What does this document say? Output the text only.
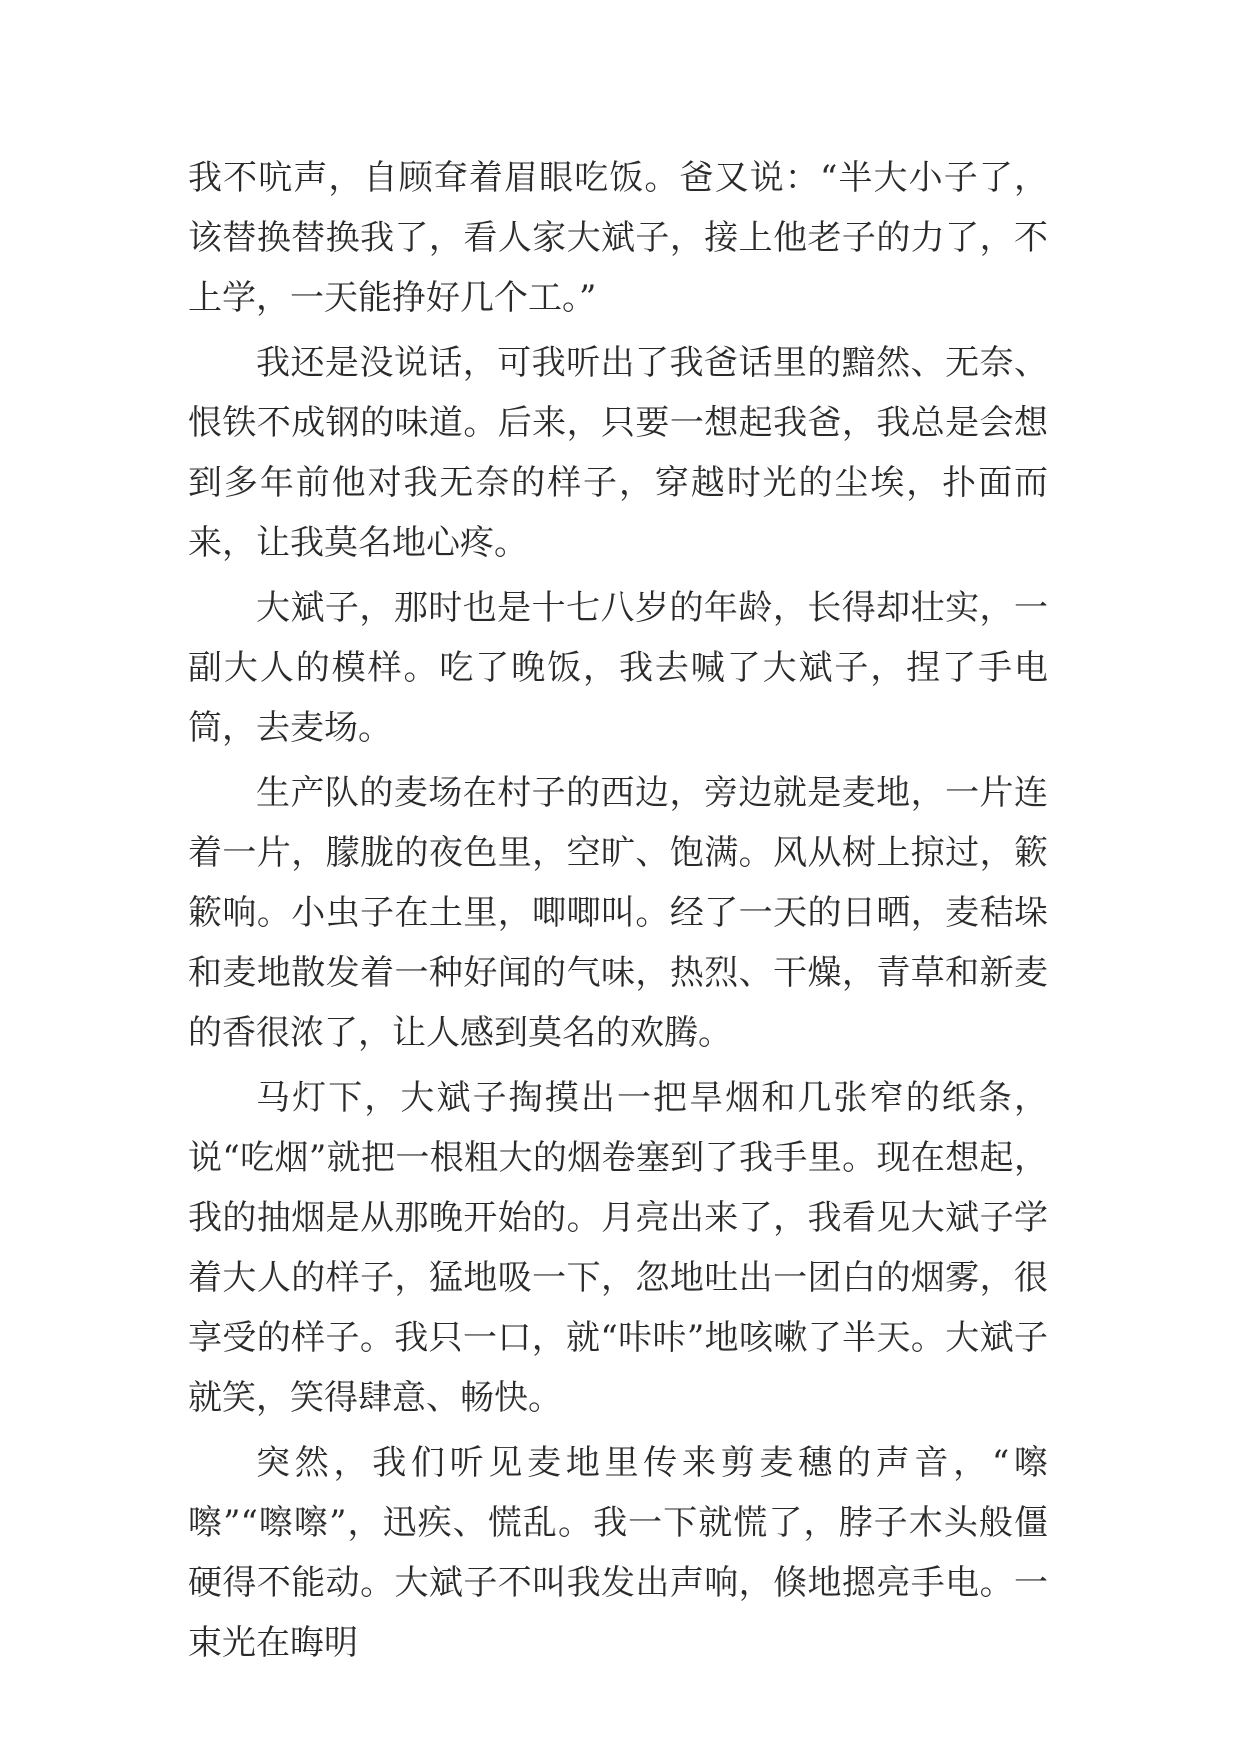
我不吭声，自顾耷着眉眼吃饭。爸又说：“半大小子了，该替换替换我了，看人家大斌子，接上他老子的力了，不上学，一天能挣好几个工。”

我还是没说话，可我听出了我爸话里的黯然、无奈、恨铁不成钢的味道。后来，只要一想起我爸，我总是会想到多年前他对我无奈的样子，穿越时光的尘埃，扑面而来，让我莫名地心疼。

大斌子，那时也是十七八岁的年龄，长得却壮实，一副大人的模样。吃了晚饭，我去喊了大斌子，捏了手电筒，去麦场。

生产队的麦场在村子的西边，旁边就是麦地，一片连着一片，朦胧的夜色里，空旷、饱满。风从树上掠过，簌簌响。小虫子在土里，唧唧叫。经了一天的日晒，麦秸垛和麦地散发着一种好闻的气味，热烈、干燥，青草和新麦的香很浓了，让人感到莫名的欢腾。

马灯下，大斌子掏摸出一把旱烟和几张窄的纸条，说“吃烟”就把一根粗大的烟卷塞到了我手里。现在想起，我的抽烟是从那晚开始的。月亮出来了，我看见大斌子学着大人的样子，猛地吸一下，忽地吐出一团白的烟雾，很享受的样子。我只一口，就“咔咔”地咳嗽了半天。大斌子就笑，笑得肆意、畅快。

突然，我们听见麦地里传来剪麦穗的声音，“嚓嚓”“嚓嚓”，迅疾、慌乱。我一下就慌了，脖子木头般僵硬得不能动。大斌子不叫我发出声响，倏地摁亮手电。一束光在晦明
